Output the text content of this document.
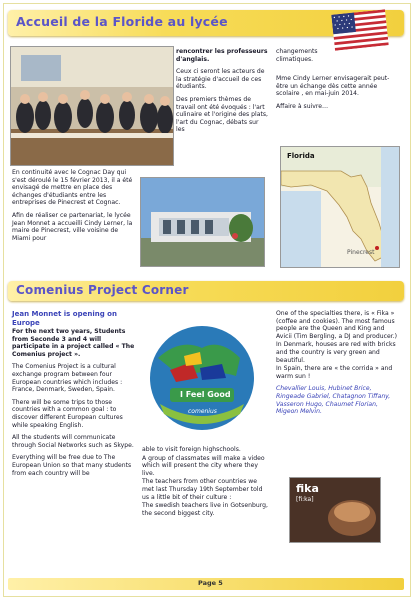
Accueil de la Floride au lycée

En continuité avec le Cognac Day qui s'est déroulé le 15 février 2013, il a été envisagé de mettre en place des échanges d'étudiants entre les entreprises de Pinecrest et Cognac.

Afin de réaliser ce partenariat, le lycée Jean Monnet a accueilli Cindy Lerner, la maire de Pinecrest, ville voisine de Miami pour

rencontrer les professeurs d'anglais.

Ceux ci seront les acteurs de la stratégie d'accueil de ces étudiants.

Des premiers thèmes de travail ont été évoqués : l'art culinaire et l'origine des plats, l'art du Cognac, débats sur les

changements climatiques.

Mme Cindy Lerner envisagerait peut-être un échange dès cette année scolaire , en mai-juin 2014.

Affaire à suivre…

Florida
Pinecrest
Comenius Project Corner

Jean Monnet is opening on Europe

For the next two years, Students from Seconde 3 and 4 will participate in a project called « The Comenius project ».

The Comenius Project is a cultural exchange program between four European countries which includes : France, Denmark, Sweden, Spain.

There will be some trips to those countries with a common goal : to discover different European cultures while speaking English.

All the students will communicate through Social Networks such as Skype.

Everything will be free due to The European Union so that many students from each country will be

I Feel Good
comenius

able to visit foreign highschools.

A group of classmates will make a video which will present the city where they live.

The teachers from other countries we met last Thursday 19th September told us a little bit of their culture :

The swedish teachers live in Gotsenburg, the second biggest city.

One of the specialties there, is « Fika » (coffee and cookies). The most famous people are the Queen and King and Avicii (Tim Bergling, a DJ and producer.)

In Denmark, houses are red with bricks and the country is very green and beautiful.

In Spain, there are « the corrida » and warm sun !

Chevallier Louis, Hubinet Brice, Ringeade Gabriel, Chatagnon Tiffany, Vasseron Hugo, Chaumet Florian, Migeon Melvin.

fika
[fi:ka]
Page 5
